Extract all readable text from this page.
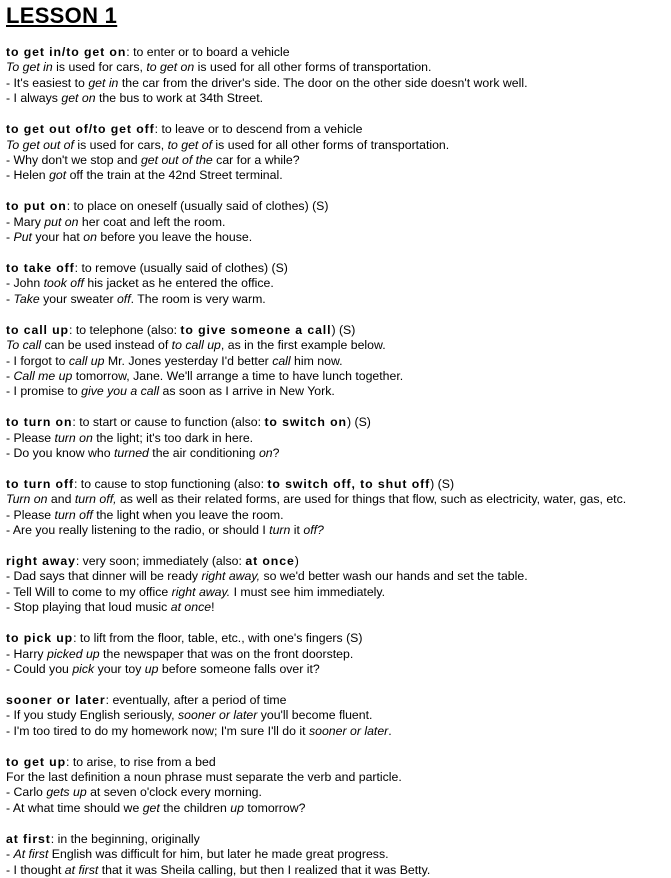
LESSON 1
to get in/to get on: to enter or to board a vehicle
To get in is used for cars, to get on is used for all other forms of transportation.
- It's easiest to get in the car from the driver's side. The door on the other side doesn't work well.
- I always get on the bus to work at 34th Street.
to get out of/to get off: to leave or to descend from a vehicle
To get out of is used for cars, to get of is used for all other forms of transportation.
- Why don't we stop and get out of the car for a while?
- Helen got off the train at the 42nd Street terminal.
to put on: to place on oneself (usually said of clothes) (S)
- Mary put on her coat and left the room.
- Put your hat on before you leave the house.
to take off: to remove (usually said of clothes) (S)
- John took off his jacket as he entered the office.
- Take your sweater off. The room is very warm.
to call up: to telephone (also: to give someone a call) (S)
To call can be used instead of to call up, as in the first example below.
- I forgot to call up Mr. Jones yesterday I'd better call him now.
- Call me up tomorrow, Jane. We'll arrange a time to have lunch together.
- I promise to give you a call as soon as I arrive in New York.
to turn on: to start or cause to function (also: to switch on) (S)
- Please turn on the light; it's too dark in here.
- Do you know who turned the air conditioning on?
to turn off: to cause to stop functioning (also: to switch off, to shut off) (S)
Turn on and turn off, as well as their related forms, are used for things that flow, such as electricity, water, gas, etc.
- Please turn off the light when you leave the room.
- Are you really listening to the radio, or should I turn it off?
right away: very soon; immediately (also: at once)
- Dad says that dinner will be ready right away, so we'd better wash our hands and set the table.
- Tell Will to come to my office right away. I must see him immediately.
- Stop playing that loud music at once!
to pick up: to lift from the floor, table, etc., with one's fingers (S)
- Harry picked up the newspaper that was on the front doorstep.
- Could you pick your toy up before someone falls over it?
sooner or later: eventually, after a period of time
- If you study English seriously, sooner or later you'll become fluent.
- I'm too tired to do my homework now; I'm sure I'll do it sooner or later.
to get up: to arise, to rise from a bed
For the last definition a noun phrase must separate the verb and particle.
- Carlo gets up at seven o'clock every morning.
- At what time should we get the children up tomorrow?
at first: in the beginning, originally
- At first English was difficult for him, but later he made great progress.
- I thought at first that it was Sheila calling, but then I realized that it was Betty.
